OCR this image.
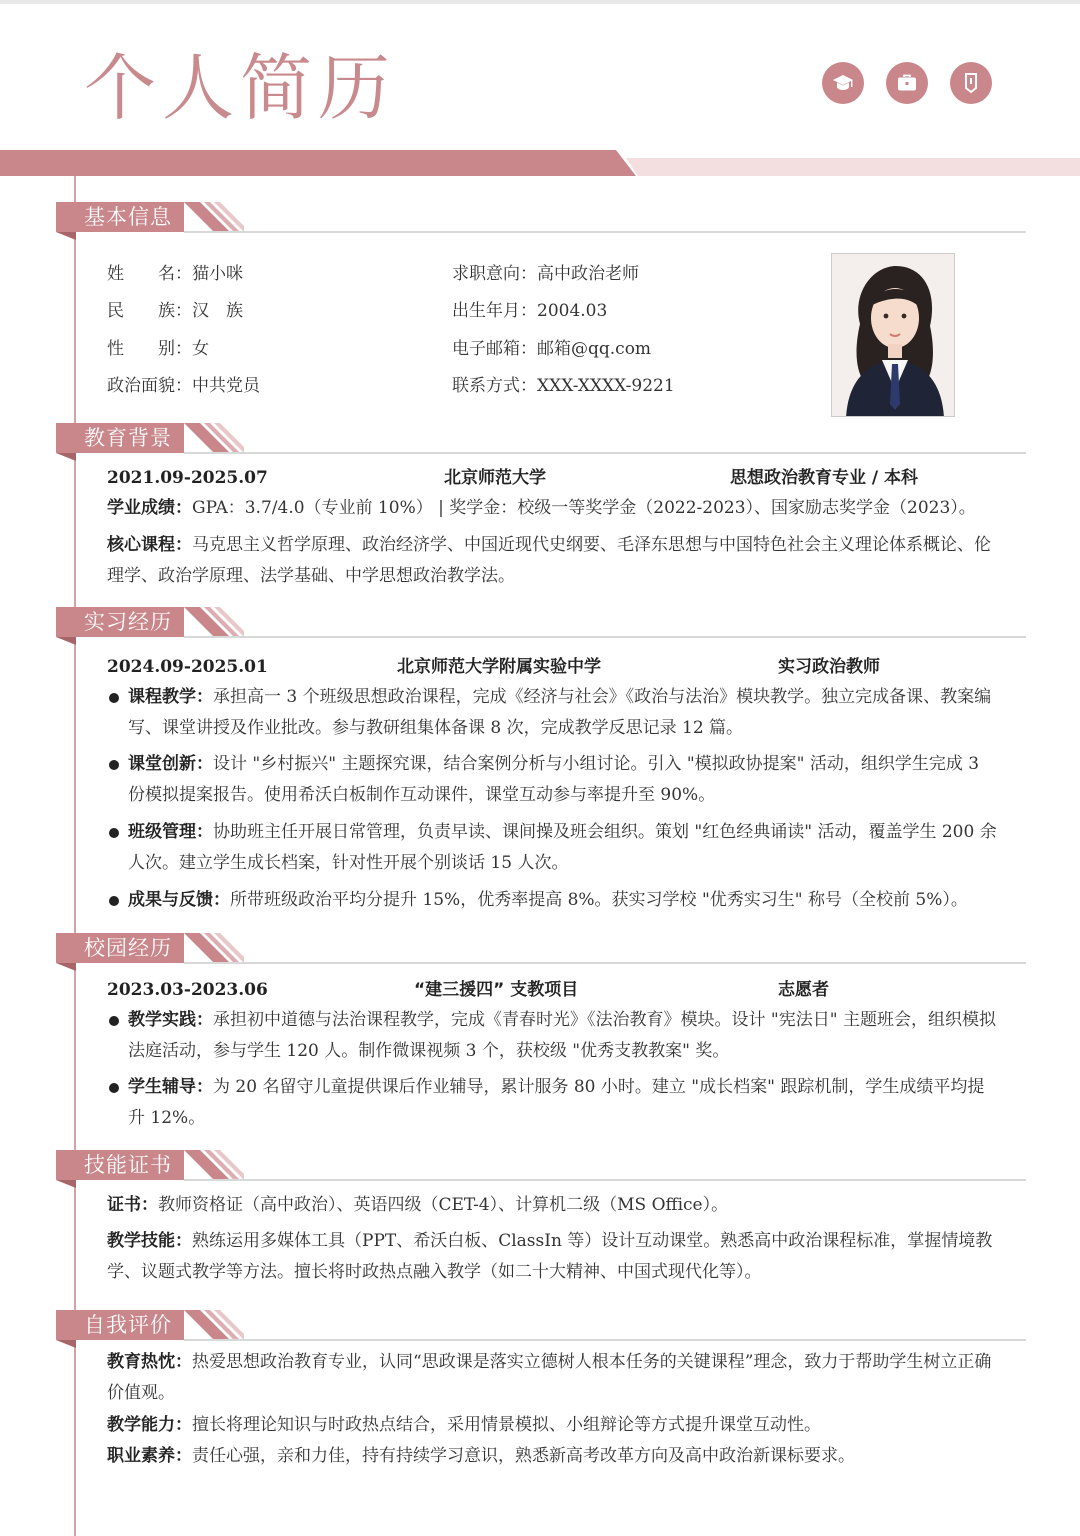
个人简历
基本信息
姓　　名：猫小咪
民　　族：汉　族
性　　别：女
政治面貌：中共党员
求职意向：高中政治老师
出生年月：2004.03
电子邮箱：邮箱@qq.com
联系方式：XXX-XXXX-9221
教育背景
2021.09-2025.07	北京师范大学	思想政治教育专业 / 本科
学业成绩：GPA：3.7/4.0（专业前 10%） | 奖学金：校级一等奖学金（2022-2023）、国家励志奖学金（2023）。
核心课程：马克思主义哲学原理、政治经济学、中国近现代史纲要、毛泽东思想与中国特色社会主义理论体系概论、伦理学、政治学原理、法学基础、中学思想政治教学法。
实习经历
2024.09-2025.01	北京师范大学附属实验中学	实习政治教师
课程教学：承担高一 3 个班级思想政治课程，完成《经济与社会》《政治与法治》模块教学。独立完成备课、教案编写、课堂讲授及作业批改。参与教研组集体备课 8 次，完成教学反思记录 12 篇。
课堂创新：设计 "乡村振兴" 主题探究课，结合案例分析与小组讨论。引入 "模拟政协提案" 活动，组织学生完成 3 份模拟提案报告。使用希沃白板制作互动课件，课堂互动参与率提升至 90%。
班级管理：协助班主任开展日常管理，负责早读、课间操及班会组织。策划 "红色经典诵读" 活动，覆盖学生 200 余人次。建立学生成长档案，针对性开展个别谈话 15 人次。
成果与反馈：所带班级政治平均分提升 15%，优秀率提高 8%。获实习学校 "优秀实习生" 称号（全校前 5%）。
校园经历
2023.03-2023.06	“建三援四” 支教项目	志愿者
教学实践：承担初中道德与法治课程教学，完成《青春时光》《法治教育》模块。设计 "宪法日" 主题班会，组织模拟法庭活动，参与学生 120 人。制作微课视频 3 个，获校级 "优秀支教教案" 奖。
学生辅导：为 20 名留守儿童提供课后作业辅导，累计服务 80 小时。建立 "成长档案" 跟踪机制，学生成绩平均提升 12%。
技能证书
证书：教师资格证（高中政治）、英语四级（CET-4）、计算机二级（MS Office）。
教学技能：熟练运用多媒体工具（PPT、希沃白板、ClassIn 等）设计互动课堂。熟悉高中政治课程标准，掌握情境教学、议题式教学等方法。擅长将时政热点融入教学（如二十大精神、中国式现代化等）。
自我评价
教育热忱：热爱思想政治教育专业，认同“思政课是落实立德树人根本任务的关键课程”理念，致力于帮助学生树立正确价值观。
教学能力：擅长将理论知识与时政热点结合，采用情景模拟、小组辩论等方式提升课堂互动性。
职业素养：责任心强，亲和力佳，持有持续学习意识，熟悉新高考改革方向及高中政治新课标要求。
